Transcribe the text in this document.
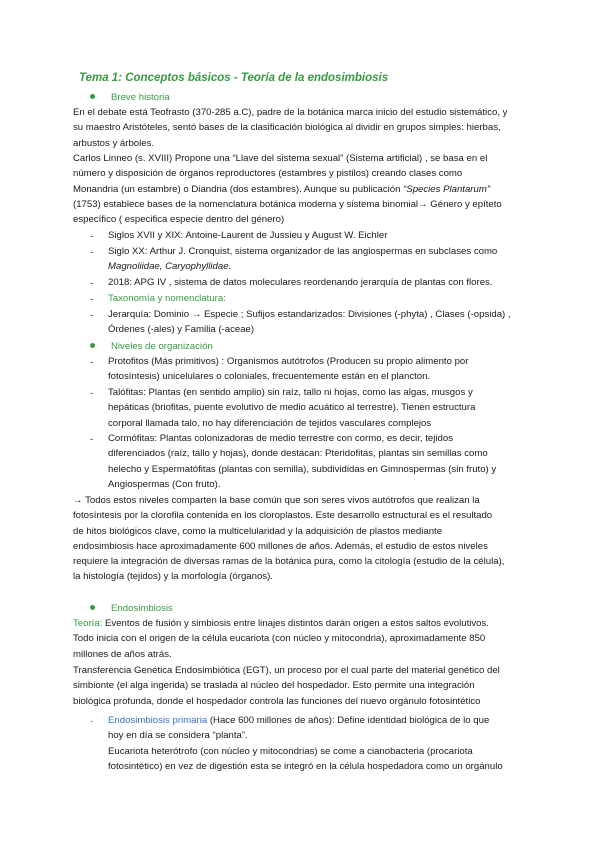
Tema 1: Conceptos básicos - Teoría de la endosimbiosis
Breve historia
En el debate está Teofrasto (370-285 a.C), padre de la botánica marca inicio del estudio sistemático, y
su maestro Aristóteles, sentó bases de la clasificación biológica al dividir en grupos simples: hierbas,
arbustos y árboles.
Carlos Linneo (s. XVIII) Propone una “Llave del sistema sexual” (Sistema artificial) , se basa en el
número y disposición de órganos reproductores (estambres y pistilos) creando clases como
Monandria (un estambre) o Diandria (dos estambres). Aunque su publicación “Species Plantarum”
(1753) establece bases de la nomenclatura botánica moderna y sistema binomial→ Género y epíteto
específico ( especifica especie dentro del género)
- Siglos XVII y XIX: Antoine-Laurent de Jussieu y August W. Eichler
- Siglo XX: Arthur J. Cronquist, sistema organizador de las angiospermas en subclases como
Magnoliidae, Caryophyllidae.
- 2018: APG IV , sistema de datos moleculares reordenando jerarquía de plantas con flores.
- Taxonomía y nomenclatura:
- Jerarquía: Dominio → Especie ; Sufijos estandarizados: Divisiones (-phyta) , Clases (-opsida) ,
Órdenes (-ales) y Familia (-aceae)
Niveles de organización
- Protofitos (Más primitivos) : Organismos autótrofos (Producen su propio alimento por
fotosíntesis) unicelulares o coloniales, frecuentemente están en el plancton.
- Talófitas: Plantas (en sentido amplio) sin raíz, tallo ni hojas, como las algas, musgos y
hepáticas (briofitas, puente evolutivo de medio acuático al terrestre). Tienen estructura
corporal llamada talo, no hay diferenciación de tejidos vasculares complejos
- Cormófitas: Plantas colonizadoras de medio terrestre con cormo, es decir, tejidos
diferenciados (raíz, tallo y hojas), donde destacan: Pteridofitas, plantas sin semillas como
helecho y Espermatófitas (plantas con semilla), subdivididas en Gimnospermas (sin fruto) y
Angiospermas (Con fruto).
→ Todos estos niveles comparten la base común que son seres vivos autótrofos que realizan la
fotosíntesis por la clorofila contenida en los cloroplastos. Este desarrollo estructural es el resultado
de hitos biológicos clave, como la multicelularidad y la adquisición de plastos mediante
endosimbiosis hace aproximadamente 600 millones de años. Además, el estudio de estos niveles
requiere la integración de diversas ramas de la botánica pura, como la citología (estudio de la célula),
la histología (tejidos) y la morfología (órganos).
Endosimbiosis
Teoría: Eventos de fusión y simbiosis entre linajes distintos darán origen a estos saltos evolutivos.
Todo inicia con el origen de la célula eucariota (con núcleo y mitocondria), aproximadamente 850
millones de años atrás.
Transferencia Genética Endosimbiótica (EGT), un proceso por el cual parte del material genético del
simbionte (el alga ingerida) se traslada al núcleo del hospedador. Esto permite una integración
biológica profunda, donde el hospedador controla las funciones del nuevo orgánulo fotosintético
- Endosimbiosis primaria (Hace 600 millones de años): Define identidad biológica de lo que
hoy en día se considera “planta”.
Eucariota heterótrofo (con núcleo y mitocondrias) se come a cianobacteria (procariota
fotosintético) en vez de digestión esta se integró en la célula hospedadora como un orgánulo
